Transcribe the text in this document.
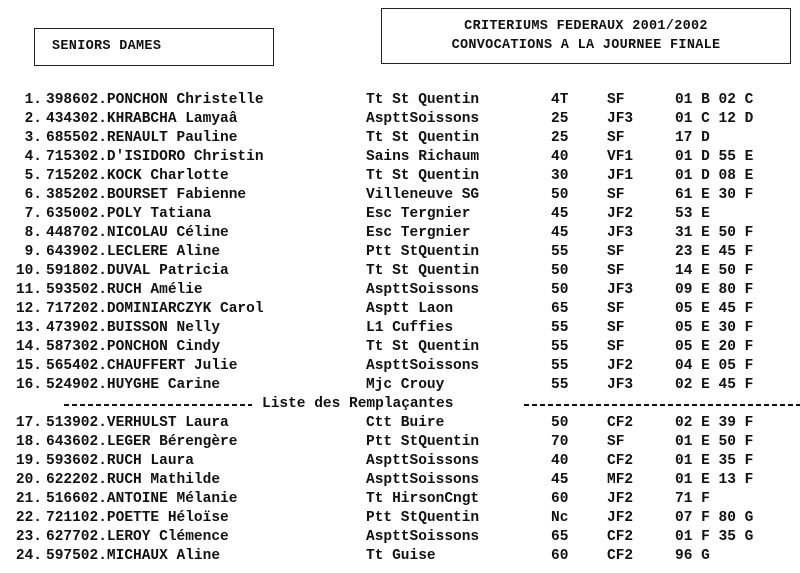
SENIORS DAMES
CRITERIUMS FEDERAUX 2001/2002
CONVOCATIONS A LA JOURNEE FINALE
1. 398602.PONCHON Christelle	Tt St Quentin	4T	SF	01 B 02 C
2. 434302.KHRABCHA Lamyaâ	AspttSoissons	25	JF3	01 C 12 D
3. 685502.RENAULT Pauline	Tt St Quentin	25	SF	17 D
4. 715302.D'ISIDORO Christin	Sains Richaum	40	VF1	01 D 55 E
5. 715202.KOCK Charlotte	Tt St Quentin	30	JF1	01 D 08 E
6. 385202.BOURSET Fabienne	Villeneuve SG	50	SF	61 E 30 F
7. 635002.POLY Tatiana	Esc Tergnier	45	JF2	53 E
8. 448702.NICOLAU Céline	Esc Tergnier	45	JF3	31 E 50 F
9. 643902.LECLERE Aline	Ptt StQuentin	55	SF	23 E 45 F
10. 591802.DUVAL Patricia	Tt St Quentin	50	SF	14 E 50 F
11. 593502.RUCH Amélie	AspttSoissons	50	JF3	09 E 80 F
12. 717202.DOMINIARCZYK Carol	Asptt Laon	65	SF	05 E 45 F
13. 473902.BUISSON Nelly	L1 Cuffies	55	SF	05 E 30 F
14. 587302.PONCHON Cindy	Tt St Quentin	55	SF	05 E 20 F
15. 565402.CHAUFFERT Julie	AspttSoissons	55	JF2	04 E 05 F
16. 524902.HUYGHE Carine	Mjc Crouy	55	JF3	02 E 45 F
Liste des Remplaçantes
17. 513902.VERHULST Laura	Ctt Buire	50	CF2	02 E 39 F
18. 643602.LEGER Bérengère	Ptt StQuentin	70	SF	01 E 50 F
19. 593602.RUCH Laura	AspttSoissons	40	CF2	01 E 35 F
20. 622202.RUCH Mathilde	AspttSoissons	45	MF2	01 E 13 F
21. 516602.ANTOINE Mélanie	Tt HirsonCngt	60	JF2	71 F
22. 721102.POETTE Héloïse	Ptt StQuentin	Nc	JF2	07 F 80 G
23. 627702.LEROY Clémence	AspttSoissons	65	CF2	01 F 35 G
24. 597502.MICHAUX Aline	Tt Guise	60	CF2	96 G
